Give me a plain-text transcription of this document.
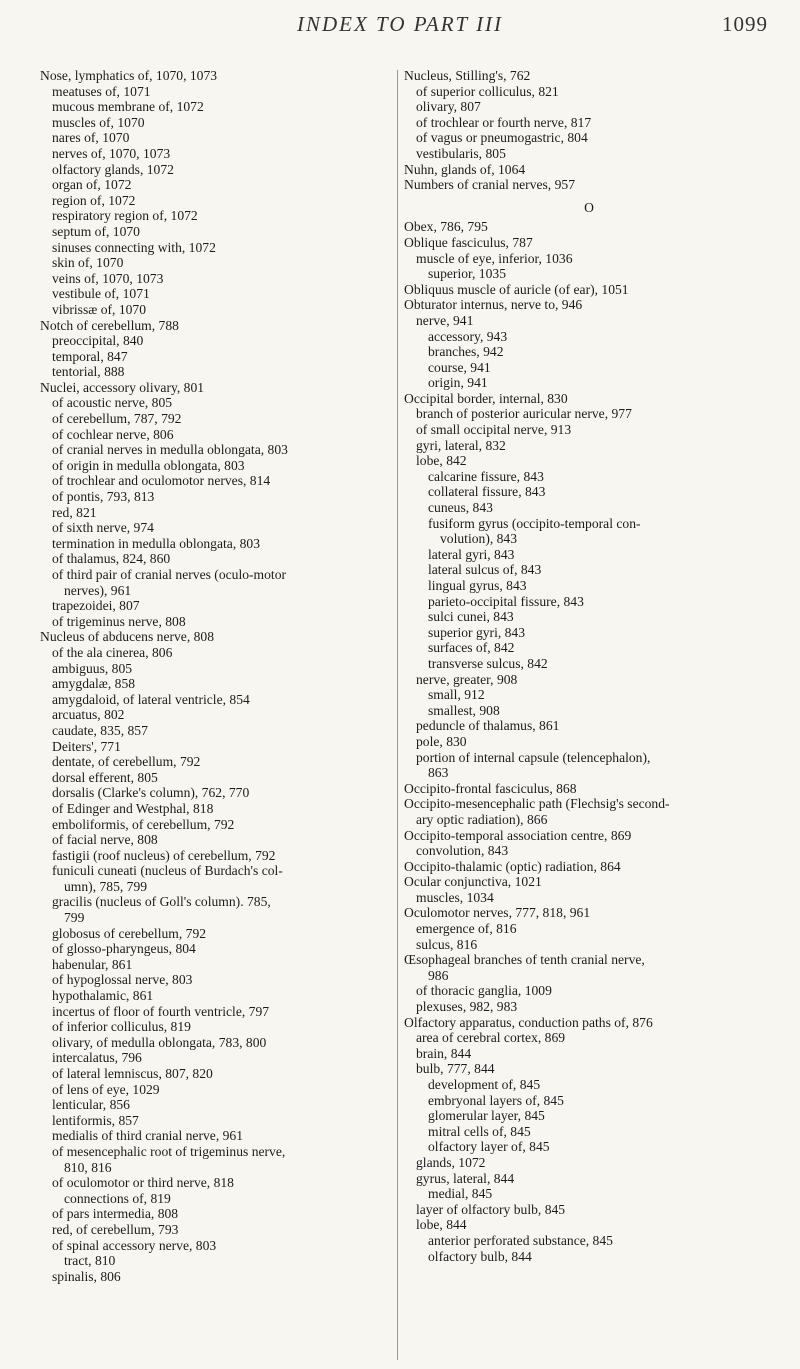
INDEX TO PART III	1099
Nose, lymphatics of, 1070, 1073
meatuses of, 1071
mucous membrane of, 1072
muscles of, 1070
nares of, 1070
nerves of, 1070, 1073
olfactory glands, 1072
organ of, 1072
region of, 1072
respiratory region of, 1072
septum of, 1070
sinuses connecting with, 1072
skin of, 1070
veins of, 1070, 1073
vestibule of, 1071
vibrissæ of, 1070
Notch of cerebellum, 788
preoccipital, 840
temporal, 847
tentorial, 888
Nuclei, accessory olivary, 801
of acoustic nerve, 805
of cerebellum, 787, 792
of cochlear nerve, 806
of cranial nerves in medulla oblongata, 803
of origin in medulla oblongata, 803
of trochlear and oculomotor nerves, 814
of pontis, 793, 813
red, 821
of sixth nerve, 974
termination in medulla oblongata, 803
of thalamus, 824, 860
of third pair of cranial nerves (oculo-motor
nerves), 961
trapezoidei, 807
of trigeminus nerve, 808
Nucleus of abducens nerve, 808
of the ala cinerea, 806
ambiguus, 805
amygdalæ, 858
amygdaloid, of lateral ventricle, 854
arcuatus, 802
caudate, 835, 857
Deiters', 771
dentate, of cerebellum, 792
dorsal efferent, 805
dorsalis (Clarke's column), 762, 770
of Edinger and Westphal, 818
emboliformis, of cerebellum, 792
of facial nerve, 808
fastigii (roof nucleus) of cerebellum, 792
funiculi cuneati (nucleus of Burdach's col-
umn), 785, 799
gracilis (nucleus of Goll's column). 785,
799
globosus of cerebellum, 792
of glosso-pharyngeus, 804
habenular, 861
of hypoglossal nerve, 803
hypothalamic, 861
incertus of floor of fourth ventricle, 797
of inferior colliculus, 819
olivary, of medulla oblongata, 783, 800
intercalatus, 796
of lateral lemniscus, 807, 820
of lens of eye, 1029
lenticular, 856
lentiformis, 857
medialis of third cranial nerve, 961
of mesencephalic root of trigeminus nerve,
810, 816
of oculomotor or third nerve, 818
connections of, 819
of pars intermedia, 808
red, of cerebellum, 793
of spinal accessory nerve, 803
tract, 810
spinalis, 806
Nucleus, Stilling's, 762
of superior colliculus, 821
olivary, 807
of trochlear or fourth nerve, 817
of vagus or pneumogastric, 804
vestibularis, 805
Nuhn, glands of, 1064
Numbers of cranial nerves, 957
O
Obex, 786, 795
Oblique fasciculus, 787
muscle of eye, inferior, 1036
superior, 1035
Obliquus muscle of auricle (of ear), 1051
Obturator internus, nerve to, 946
nerve, 941
accessory, 943
branches, 942
course, 941
origin, 941
Occipital border, internal, 830
branch of posterior auricular nerve, 977
of small occipital nerve, 913
gyri, lateral, 832
lobe, 842
calcarine fissure, 843
collateral fissure, 843
cuneus, 843
fusiform gyrus (occipito-temporal con-
volution), 843
lateral gyri, 843
lateral sulcus of, 843
lingual gyrus, 843
parieto-occipital fissure, 843
sulci cunei, 843
superior gyri, 843
surfaces of, 842
transverse sulcus, 842
nerve, greater, 908
small, 912
smallest, 908
peduncle of thalamus, 861
pole, 830
portion of internal capsule (telencephalon),
863
Occipito-frontal fasciculus, 868
Occipito-mesencephalic path (Flechsig's second-
ary optic radiation), 866
Occipito-temporal association centre, 869
convolution, 843
Occipito-thalamic (optic) radiation, 864
Ocular conjunctiva, 1021
muscles, 1034
Oculomotor nerves, 777, 818, 961
emergence of, 816
sulcus, 816
Œsophageal branches of tenth cranial nerve,
986
of thoracic ganglia, 1009
plexuses, 982, 983
Olfactory apparatus, conduction paths of, 876
area of cerebral cortex, 869
brain, 844
bulb, 777, 844
development of, 845
embryonal layers of, 845
glomerular layer, 845
mitral cells of, 845
olfactory layer of, 845
glands, 1072
gyrus, lateral, 844
medial, 845
layer of olfactory bulb, 845
lobe, 844
anterior perforated substance, 845
olfactory bulb, 844
